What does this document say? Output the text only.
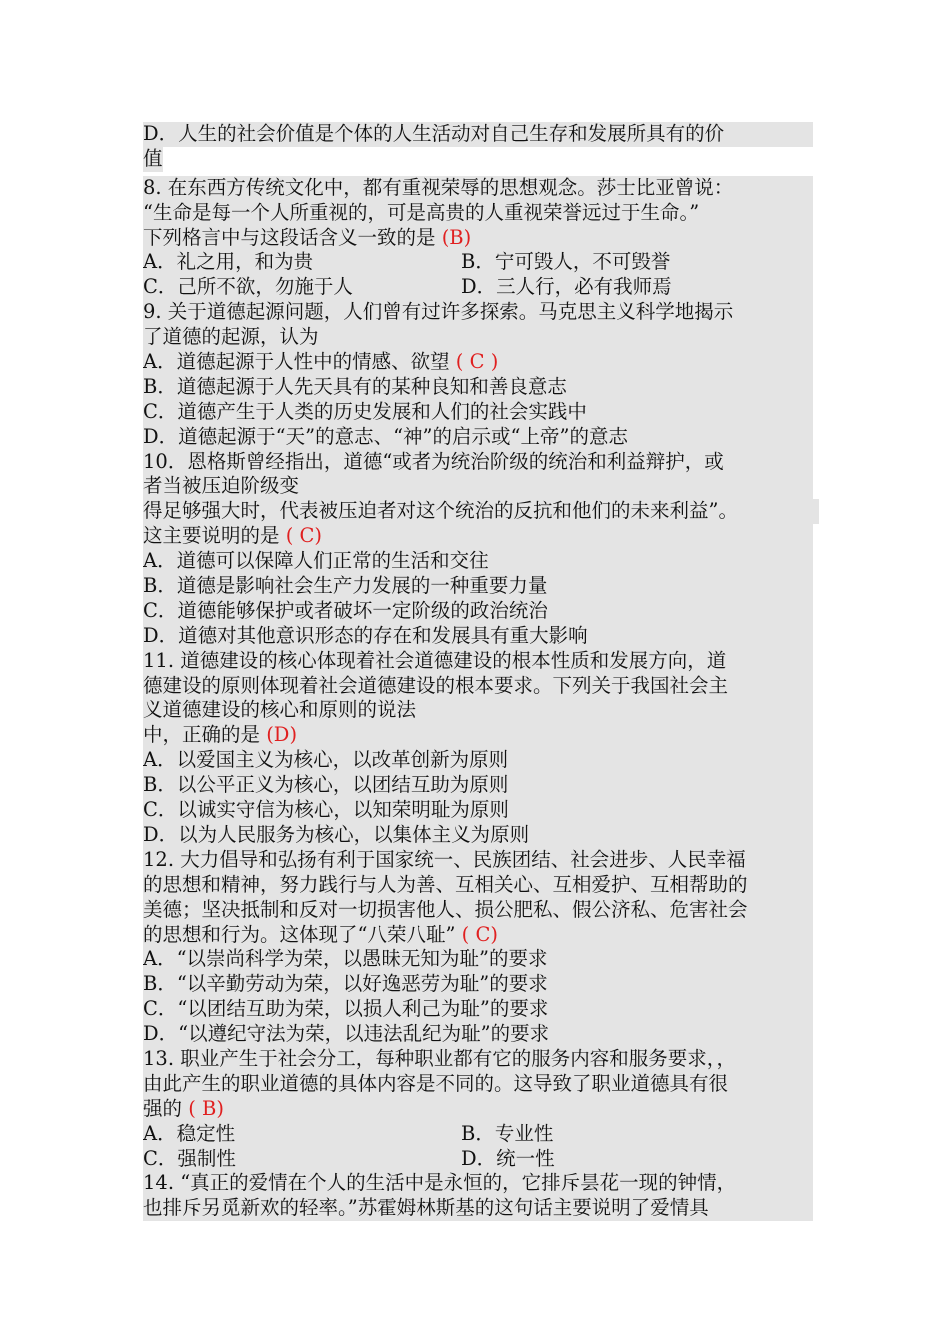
D．人生的社会价值是个体的人生活动对自己生存和发展所具有的价
值
8. 在东西方传统文化中，都有重视荣辱的思想观念。莎士比亚曾说：
“生命是每一个人所重视的，可是高贵的人重视荣誉远过于生命。”
下列格言中与这段话含义一致的是 (B)
A．礼之用，和为贵	B．宁可毁人，不可毁誉
C．己所不欲，勿施于人	D．三人行，必有我师焉
9. 关于道德起源问题，人们曾有过许多探索。马克思主义科学地揭示
了道德的起源，认为
A．道德起源于人性中的情感、欲望 ( C )
B．道德起源于人先天具有的某种良知和善良意志
C．道德产生于人类的历史发展和人们的社会实践中
D．道德起源于“天”的意志、“神”的启示或“上帝”的意志
10．恩格斯曾经指出，道德“或者为统治阶级的统治和利益辩护，或
者当被压迫阶级变
得足够强大时，代表被压迫者对这个统治的反抗和他们的未来利益”。
这主要说明的是 ( C)
A．道德可以保障人们正常的生活和交往
B．道德是影响社会生产力发展的一种重要力量
C．道德能够保护或者破坏一定阶级的政治统治
D．道德对其他意识形态的存在和发展具有重大影响
11. 道德建设的核心体现着社会道德建设的根本性质和发展方向，道
德建设的原则体现着社会道德建设的根本要求。下列关于我国社会主
义道德建设的核心和原则的说法
中，正确的是 (D)
A．以爱国主义为核心，以改革创新为原则
B．以公平正义为核心，以团结互助为原则
C．以诚实守信为核心，以知荣明耻为原则
D．以为人民服务为核心，以集体主义为原则
12. 大力倡导和弘扬有利于国家统一、民族团结、社会进步、人民幸福
的思想和精神，努力践行与人为善、互相关心、互相爱护、互相帮助的
美德；坚决抵制和反对一切损害他人、损公肥私、假公济私、危害社会
的思想和行为。这体现了“八荣八耻” ( C)
A．“以崇尚科学为荣，以愚昧无知为耻”的要求
B．“以辛勤劳动为荣，以好逸恶劳为耻”的要求
C．“以团结互助为荣，以损人利己为耻”的要求
D．“以遵纪守法为荣，以违法乱纪为耻”的要求
13. 职业产生于社会分工，每种职业都有它的服务内容和服务要求，，
由此产生的职业道德的具体内容是不同的。这导致了职业道德具有很
强的 ( B)
A．稳定性	B．专业性
C．强制性	D．统一性
14. “真正的爱情在个人的生活中是永恒的，它排斥昙花一现的钟情，
也排斥另觅新欢的轻率。”苏霍姆林斯基的这句话主要说明了爱情具
